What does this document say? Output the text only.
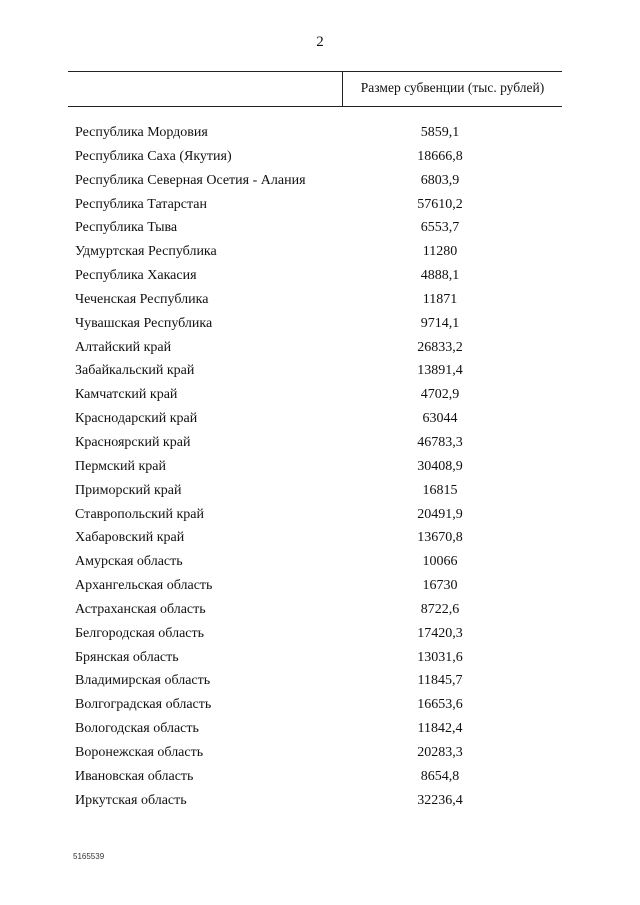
2
Размер субвенции (тыс. рублей)
Республика Мордовия	5859,1
Республика Саха (Якутия)	18666,8
Республика Северная Осетия - Алания	6803,9
Республика Татарстан	57610,2
Республика Тыва	6553,7
Удмуртская Республика	11280
Республика Хакасия	4888,1
Чеченская Республика	11871
Чувашская Республика	9714,1
Алтайский край	26833,2
Забайкальский край	13891,4
Камчатский край	4702,9
Краснодарский край	63044
Красноярский край	46783,3
Пермский край	30408,9
Приморский край	16815
Ставропольский край	20491,9
Хабаровский край	13670,8
Амурская область	10066
Архангельская область	16730
Астраханская область	8722,6
Белгородская область	17420,3
Брянская область	13031,6
Владимирская область	11845,7
Волгоградская область	16653,6
Вологодская область	11842,4
Воронежская область	20283,3
Ивановская область	8654,8
Иркутская область	32236,4
5165539
